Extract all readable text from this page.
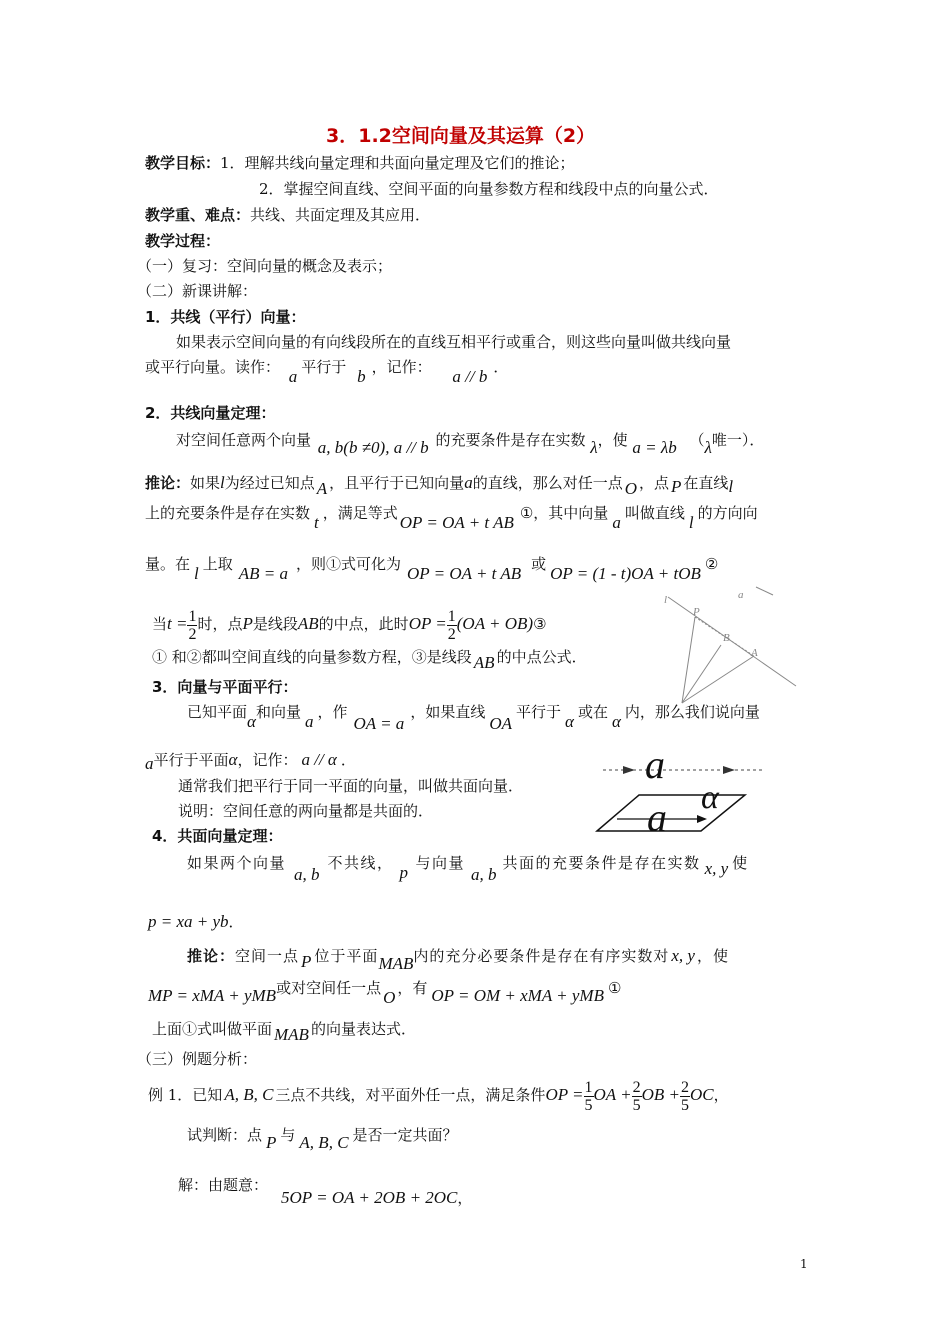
3．1.2空间向量及其运算（2）
教学目标：1．理解共线向量定理和共面向量定理及它们的推论；
2．掌握空间直线、空间平面的向量参数方程和线段中点的向量公式．
教学重、难点：共线、共面定理及其应用．
教学过程：
（一）复习：空间向量的概念及表示；
（二）新课讲解：
1．共线（平行）向量：
如果表示空间向量的有向线段所在的直线互相平行或重合，则这些向量叫做共线向量
或平行向量。读作： a 平行于 b ，记作： a // b ．
2．共线向量定理：
对空间任意两个向量 a, b(b ≠0), a // b 的充要条件是存在实数 λ，使 a = λb （λ唯一）．
推论：如果l为经过已知点 A ，且平行于已知向量a的直线，那么对任一点 O ，点 P 在直线l
上的充要条件是存在实数 t ，满足等式 OP = OA + t AB ①，其中向量 a 叫做直线 l 的方向向
量。在 l 上取 AB = a ，则①式可化为 OP = OA + t AB 或 OP = (1 - t)OA + tOB ②
当$t = \frac{1}{2}$ 时，点P是线段AB的中点，此时OP = $\frac{1}{2} (OA$ + OB)③
① 和②都叫空间直线的向量参数方程，③是线段 AB 的中点公式．
l	a
P
B
A
3．向量与平面平行：
已知平面α和向量 a ，作OA = a，如果直线OA平行于 α 或在 α 内，那么我们说向量
a平行于平面α，记作： a // α ．
通常我们把平行于同一平面的向量，叫做共面向量．
说明：空间任意的两向量都是共面的．
a
α
a
4．共面向量定理：
如果两个向量a, b不共线， p 与向量a, b共面的充要条件是存在实数 x, y 使
p = xa + yb．
推论：空间一点 P 位于平面MAB内的充分必要条件是存在有序实数对 x, y ，使
MP = xMA + yMB或对空间任一点 O ，有 OP = OM + xMA + yMB ①
上面①式叫做平面 MAB 的向量表达式．
（三）例题分析：
例 1．已知 A, B, C 三点不共线，对平面外任一点，满足条件OP = $\frac{1}{5}$ OA + $\frac{2}{5}$ OB + $\frac{2}{5}$ OC，
试判断：点 P 与 A, B, C 是否一定共面？
解：由题意：
5OP = OA + 2OB + 2OC，
1
